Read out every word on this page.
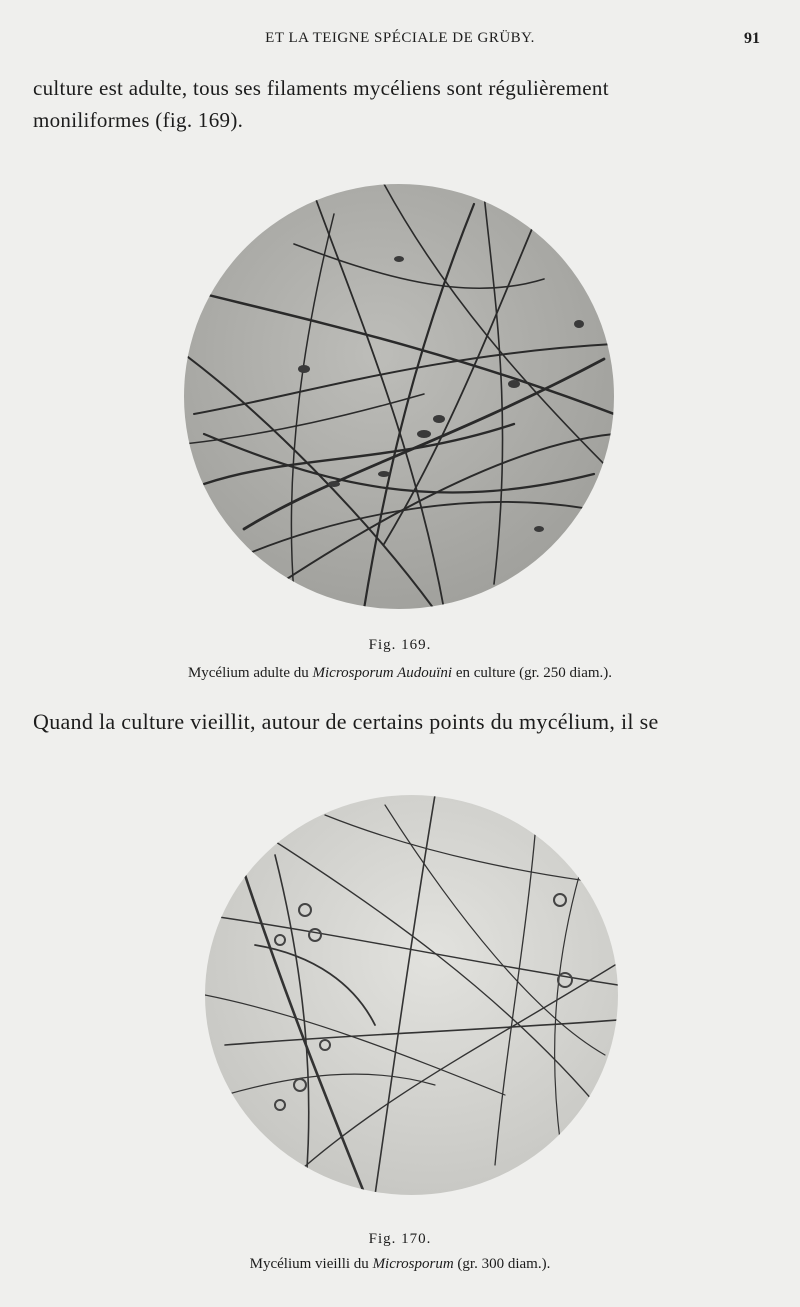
ET LA TEIGNE SPÉCIALE DE GRÜBY.	91
culture est adulte, tous ses filaments mycéliens sont régulièrement
moniliformes (fig. 169).
Fig. 169.
Mycélium adulte du Microsporum Audouïni en culture (gr. 250 diam.).
Quand la culture vieillit, autour de certains points du mycélium, il se
Fig. 170.
Mycélium vieilli du Microsporum (gr. 300 diam.).
